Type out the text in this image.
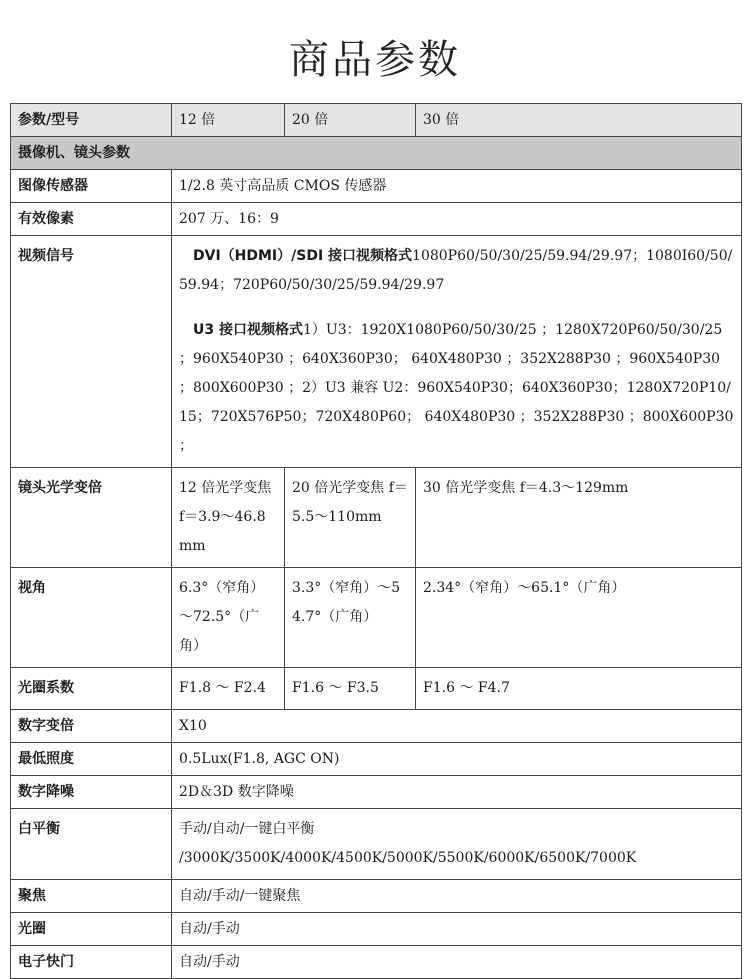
商品参数
参数/型号	12 倍	20 倍	30 倍
摄像机、镜头参数			
图像传感器	1/2.8 英寸高品质 CMOS 传感器		
有效像素	207 万、16：9		
视频信号	DVI（HDMI）/SDI 接口视频格式1080P60/50/30/25/59.94/29.97；1080I60/50/59.94；720P60/50/30/25/59.94/29.97
U3 接口视频格式1）U3：1920X1080P60/50/30/25 ；1280X720P60/50/30/25 ；960X540P30 ；640X360P30； 640X480P30 ；352X288P30 ；960X540P30 ；800X600P30 ；2）U3 兼容 U2：960X540P30；640X360P30；1280X720P10/15；720X576P50；720X480P60； 640X480P30 ；352X288P30 ；800X600P30 ；		
镜头光学变倍	12 倍光学变焦 f＝3.9～46.8mm	20 倍光学变焦 f＝5.5～110mm	30 倍光学变焦 f＝4.3～129mm
视角	6.3°（窄角）～72.5°（广角）	3.3°（窄角）～54.7°（广角）	2.34°（窄角）～65.1°（广角）
光圈系数	F1.8 ～ F2.4	F1.6 ～ F3.5	F1.6 ～ F4.7
数字变倍	X10		
最低照度	0.5Lux(F1.8, AGC ON)		
数字降噪	2D＆3D 数字降噪		
白平衡	手动/自动/一键白平衡
/3000K/3500K/4000K/4500K/5000K/5500K/6000K/6500K/7000K		

聚焦	自动/手动/一键聚焦		
光圈	自动/手动		
电子快门	自动/手动		
